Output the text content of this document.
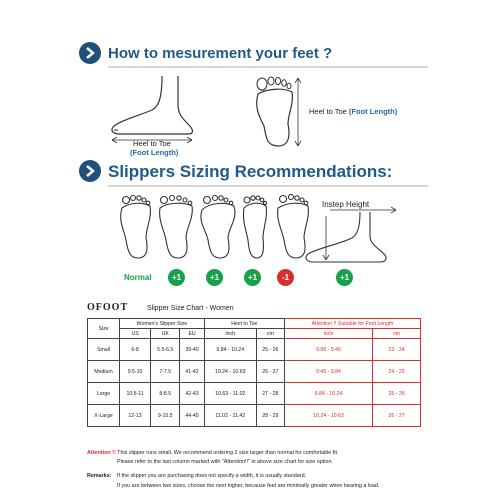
How to mesurement your feet ?
Heel to Toe
(Foot Length)
Heel to Toe (Foot Length)
Slippers Sizing Recommendations:
Instep Height
Normal	+1	+1	+1	-1	+1
OFOOT	Slipper Size Chart - Women
Size	Women's Slipper Size			Heel to Toe		Attention !! Suitable for Foot Length	
	US	UK	EU	inch	cm	inch	cm
Small	6-8	5.5-6.5	39-40	9.84 - 10.24	25 - 26	9.06 - 9.45	23 - 24
Medium	9.5-10	7-7.5	41-42	10.24 - 10.63	26 - 27	9.45 - 9.84	24 - 25
Large	10.5-11	8-8.5	42-43	10.63 - 11.02	27 - 28	9.84 - 10.24	25 - 26
X-Large	12-13	9-10.5	44-45	11.02 - 11.42	28 - 29	10.24 - 10.63	26 - 27
Attention !! This slipper runs small. We recommend ordering 2 size larger than normal for comfortable fit.
Please refer to the last column marked with "Attention!!" in above size chart for size option.
Remarks: If the slipper you are purchasing does not specify a width, it is usually standard.
If you are between two sizes, choose the next higher, because feet are minimally greater when bearing a load.
